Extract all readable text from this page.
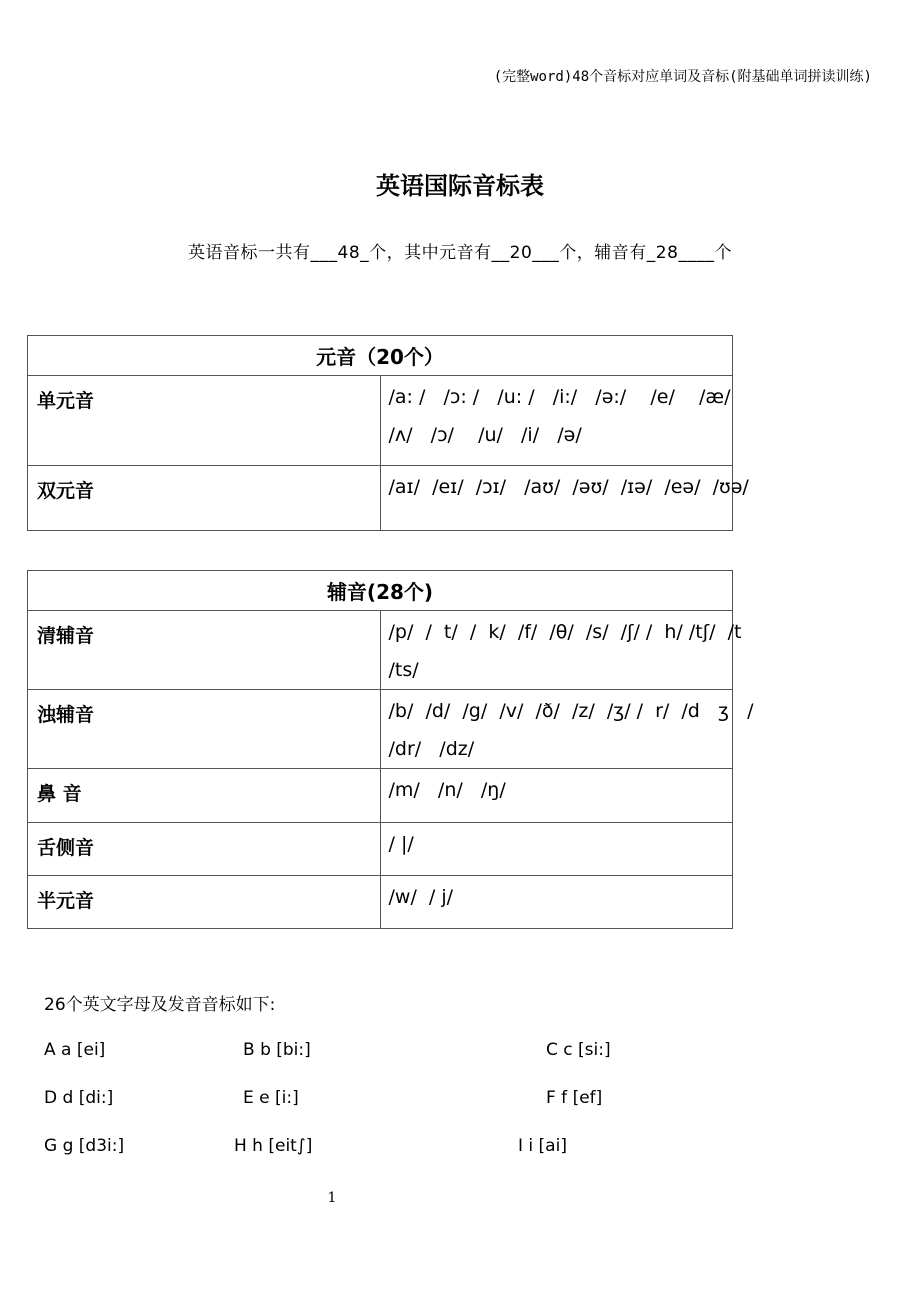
(完整word)48个音标对应单词及音标(附基础单词拼读训练)
英语国际音标表
英语音标一共有___48_个，其中元音有__20___个，辅音有_28____个
元音（20个）	
单元音	/a: /   /ɔ: /   /u: /   /i:/   /ə:/    /e/    /æ/
/ʌ/   /ɔ/    /u/   /i/   /ə/

双元音	/aɪ/  /eɪ/  /ɔɪ/   /aʊ/  /əʊ/  /ɪə/  /eə/  /ʊə/
辅音(28个)	
清辅音	/p/  /  t/  /  k/  /f/  /θ/  /s/  /ʃ/ /  h/ /tʃ/  /t
/ts/

浊辅音	/b/  /d/  /g/  /v/  /ð/  /z/  /ʒ/ /  r/  /d   ʒ   /
/dr/   /dz/

鼻 音	/m/   /n/   /ŋ/

舌侧音	/ |/

半元音	/w/  / j/
26个英文字母及发音音标如下:
A a [ei]	B b [bi:]	C c [si:]
D d [di:]	E e [i:]	F f [ef]
G g [d3i:]	H h [eit∫]	I i [ai]
1
